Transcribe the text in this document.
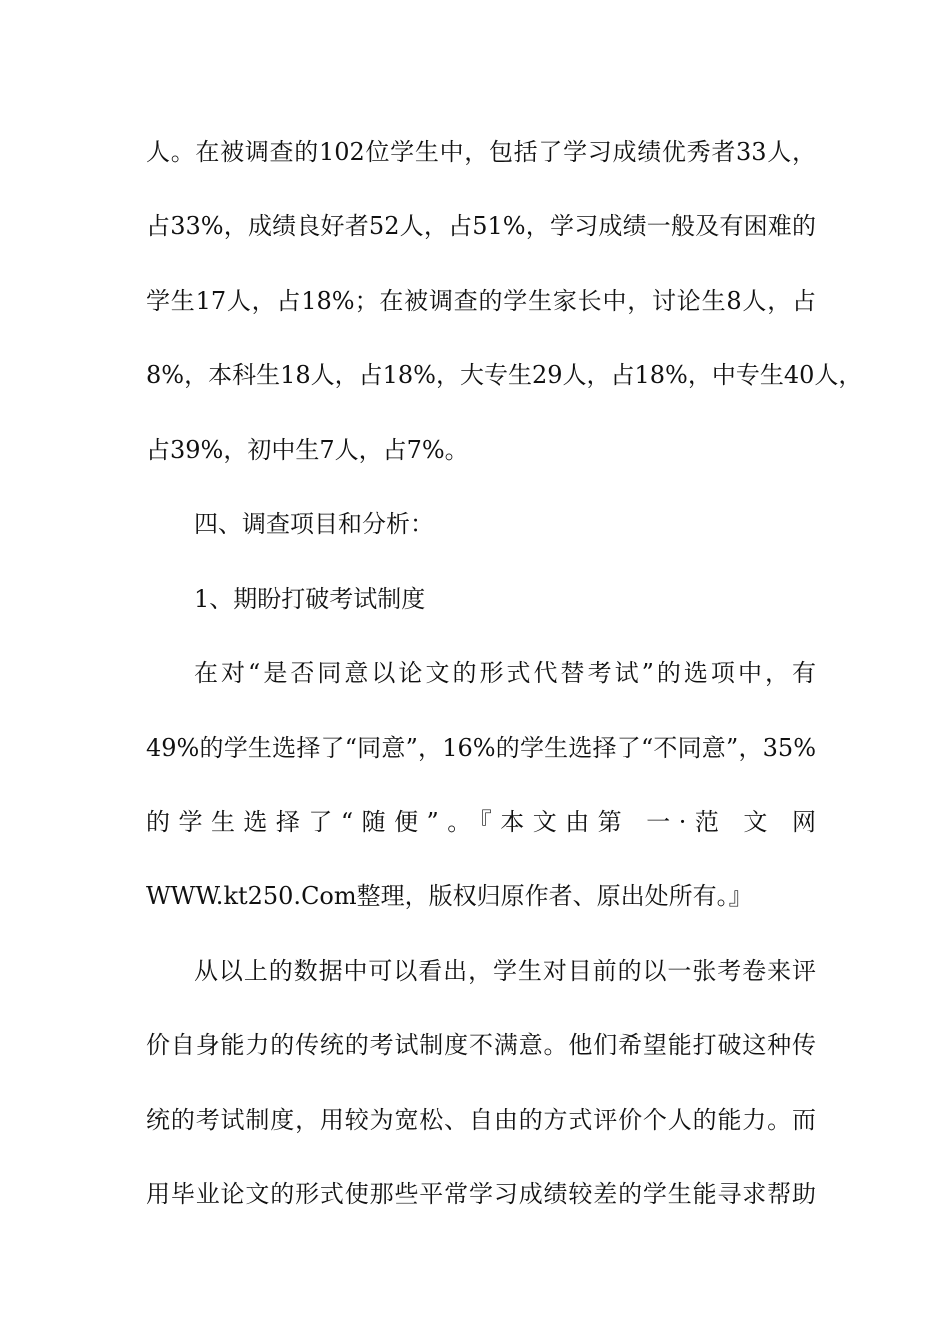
人。在被调查的102位学生中，包括了学习成绩优秀者33人，
占33%，成绩良好者52人，占51%，学习成绩一般及有困难的
学生17人，占18%；在被调查的学生家长中，讨论生8人，占
8%，本科生18人，占18%，大专生29人，占18%，中专生40人，
占39%，初中生7人，占7%。
四、调查项目和分析：
1、期盼打破考试制度
在对“是否同意以论文的形式代替考试”的选项中，有
49%的学生选择了“同意”，16%的学生选择了“不同意”，35%
的学生选择了“随便”。『本文由第 一·范 文 网
WWW.kt250.Com整理，版权归原作者、原出处所有。』
从以上的数据中可以看出，学生对目前的以一张考卷来评
价自身能力的传统的考试制度不满意。他们希望能打破这种传
统的考试制度，用较为宽松、自由的方式评价个人的能力。而
用毕业论文的形式使那些平常学习成绩较差的学生能寻求帮助
